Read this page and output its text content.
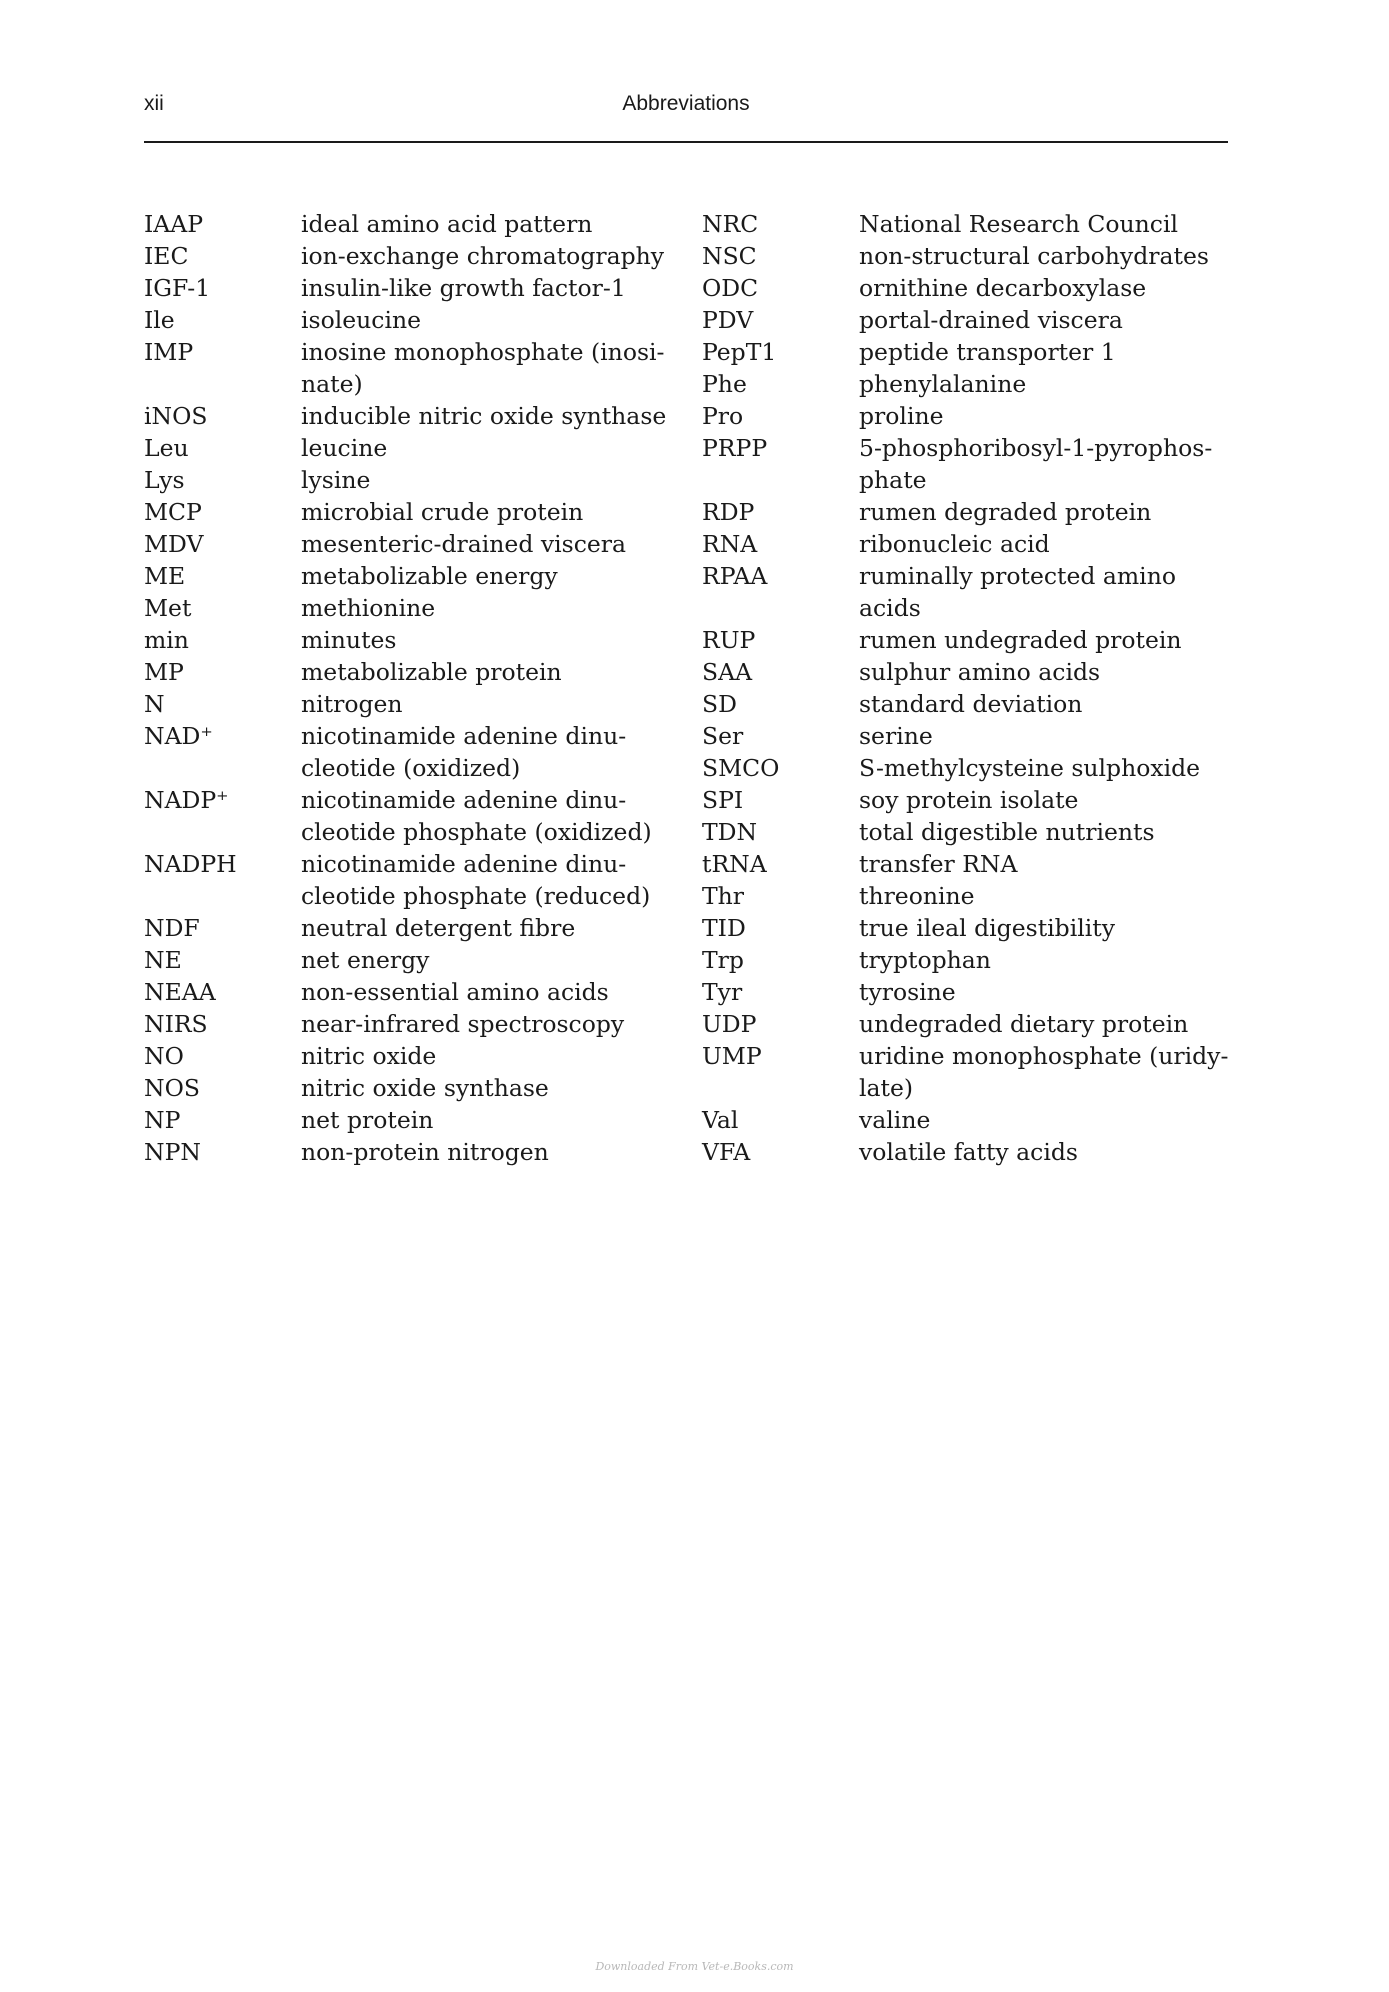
xii	Abbreviations
IAAP	ideal amino acid pattern
IEC	ion-exchange chromatography
IGF-1	insulin-like growth factor-1
Ile	isoleucine
IMP	inosine monophosphate (inosi-
nate)
iNOS	inducible nitric oxide synthase
Leu	leucine
Lys	lysine
MCP	microbial crude protein
MDV	mesenteric-drained viscera
ME	metabolizable energy
Met	methionine
min	minutes
MP	metabolizable protein
N	nitrogen
NAD⁺	nicotinamide adenine dinu-
cleotide (oxidized)
NADP⁺	nicotinamide adenine dinu-
cleotide phosphate (oxidized)
NADPH	nicotinamide adenine dinu-
cleotide phosphate (reduced)
NDF	neutral detergent fibre
NE	net energy
NEAA	non-essential amino acids
NIRS	near-infrared spectroscopy
NO	nitric oxide
NOS	nitric oxide synthase
NP	net protein
NPN	non-protein nitrogen
NRC	National Research Council
NSC	non-structural carbohydrates
ODC	ornithine decarboxylase
PDV	portal-drained viscera
PepT1	peptide transporter 1
Phe	phenylalanine
Pro	proline
PRPP	5-phosphoribosyl-1-pyrophos-
phate
RDP	rumen degraded protein
RNA	ribonucleic acid
RPAA	ruminally protected amino
acids
RUP	rumen undegraded protein
SAA	sulphur amino acids
SD	standard deviation
Ser	serine
SMCO	S-methylcysteine sulphoxide
SPI	soy protein isolate
TDN	total digestible nutrients
tRNA	transfer RNA
Thr	threonine
TID	true ileal digestibility
Trp	tryptophan
Tyr	tyrosine
UDP	undegraded dietary protein
UMP	uridine monophosphate (uridy-
late)
Val	valine
VFA	volatile fatty acids
Downloaded From Vet-e.Books.com
